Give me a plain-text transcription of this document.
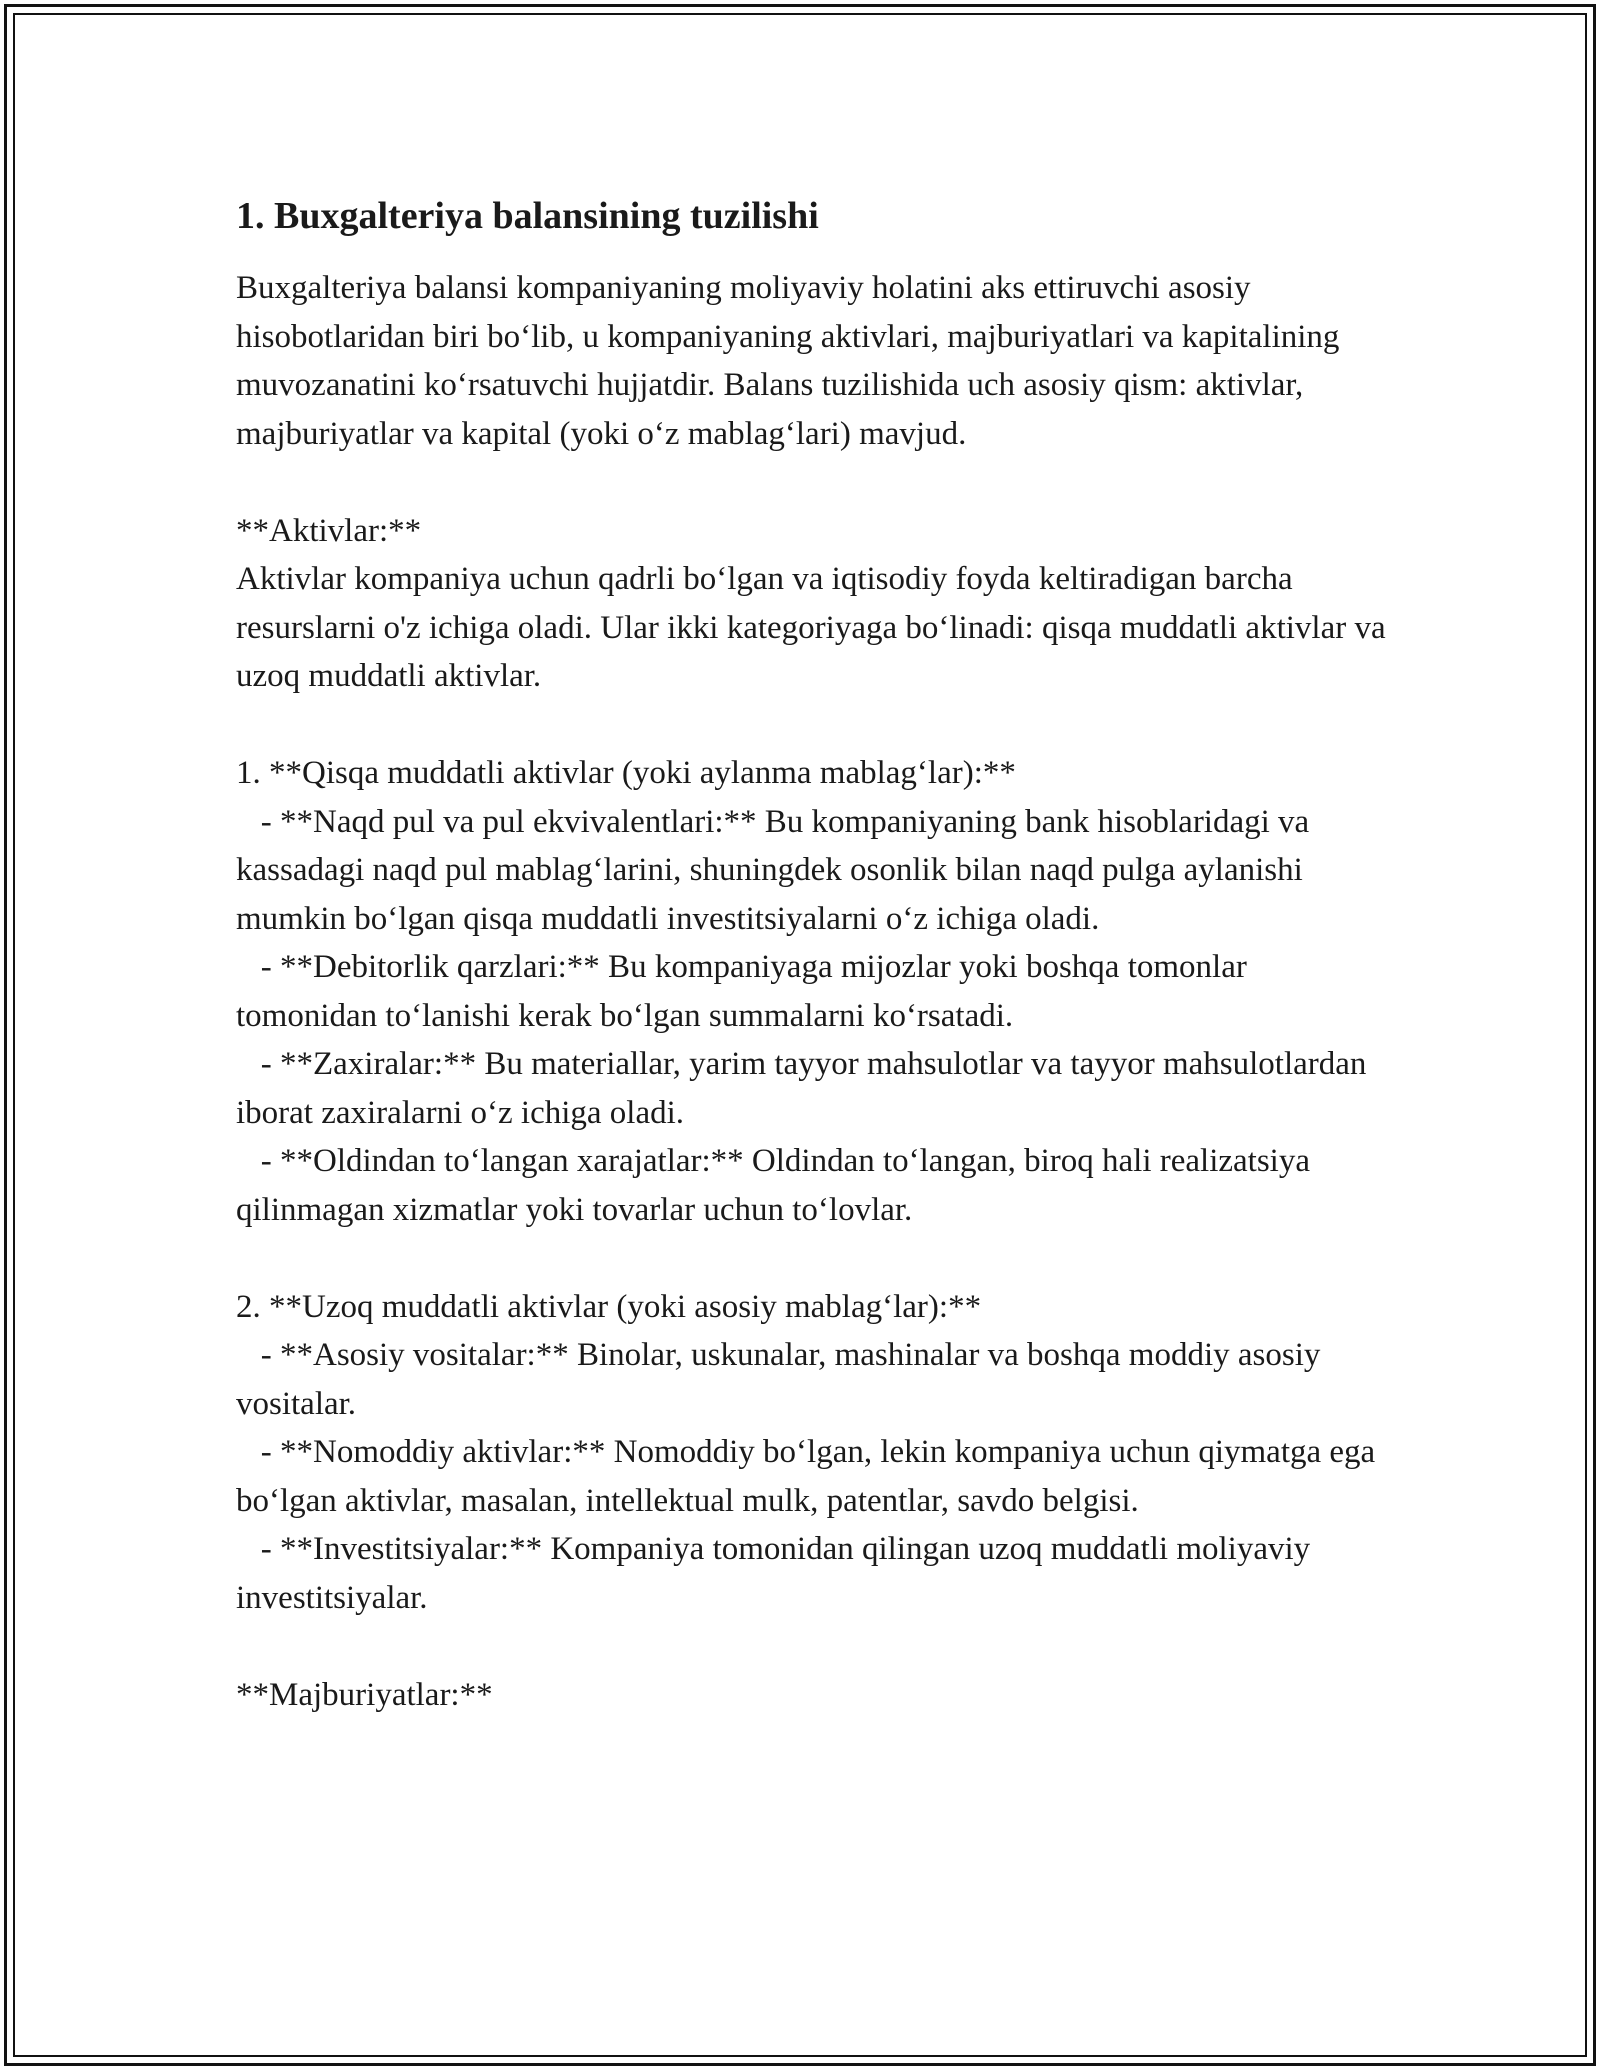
1. Buxgalteriya balansining tuzilishi

Buxgalteriya balansi kompaniyaning moliyaviy holatini aks ettiruvchi asosiy hisobotlaridan biri bo‘lib, u kompaniyaning aktivlari, majburiyatlari va kapitalining muvozanatini ko‘rsatuvchi hujjatdir. Balans tuzilishida uch asosiy qism: aktivlar, majburiyatlar va kapital (yoki o‘z mablag‘lari) mavjud.

**Aktivlar:**

Aktivlar kompaniya uchun qadrli bo‘lgan va iqtisodiy foyda keltiradigan barcha resurslarni o'z ichiga oladi. Ular ikki kategoriyaga bo‘linadi: qisqa muddatli aktivlar va uzoq muddatli aktivlar.

1. **Qisqa muddatli aktivlar (yoki aylanma mablag‘lar):**

- **Naqd pul va pul ekvivalentlari:** Bu kompaniyaning bank hisoblaridagi va kassadagi naqd pul mablag‘larini, shuningdek osonlik bilan naqd pulga aylanishi mumkin bo‘lgan qisqa muddatli investitsiyalarni o‘z ichiga oladi.

- **Debitorlik qarzlari:** Bu kompaniyaga mijozlar yoki boshqa tomonlar tomonidan to‘lanishi kerak bo‘lgan summalarni ko‘rsatadi.

- **Zaxiralar:** Bu materiallar, yarim tayyor mahsulotlar va tayyor mahsulotlardan iborat zaxiralarni o‘z ichiga oladi.

- **Oldindan to‘langan xarajatlar:** Oldindan to‘langan, biroq hali realizatsiya qilinmagan xizmatlar yoki tovarlar uchun to‘lovlar.

2. **Uzoq muddatli aktivlar (yoki asosiy mablag‘lar):**

- **Asosiy vositalar:** Binolar, uskunalar, mashinalar va boshqa moddiy asosiy vositalar.

- **Nomoddiy aktivlar:** Nomoddiy bo‘lgan, lekin kompaniya uchun qiymatga ega bo‘lgan aktivlar, masalan, intellektual mulk, patentlar, savdo belgisi.

- **Investitsiyalar:** Kompaniya tomonidan qilingan uzoq muddatli moliyaviy investitsiyalar.

**Majburiyatlar:**
